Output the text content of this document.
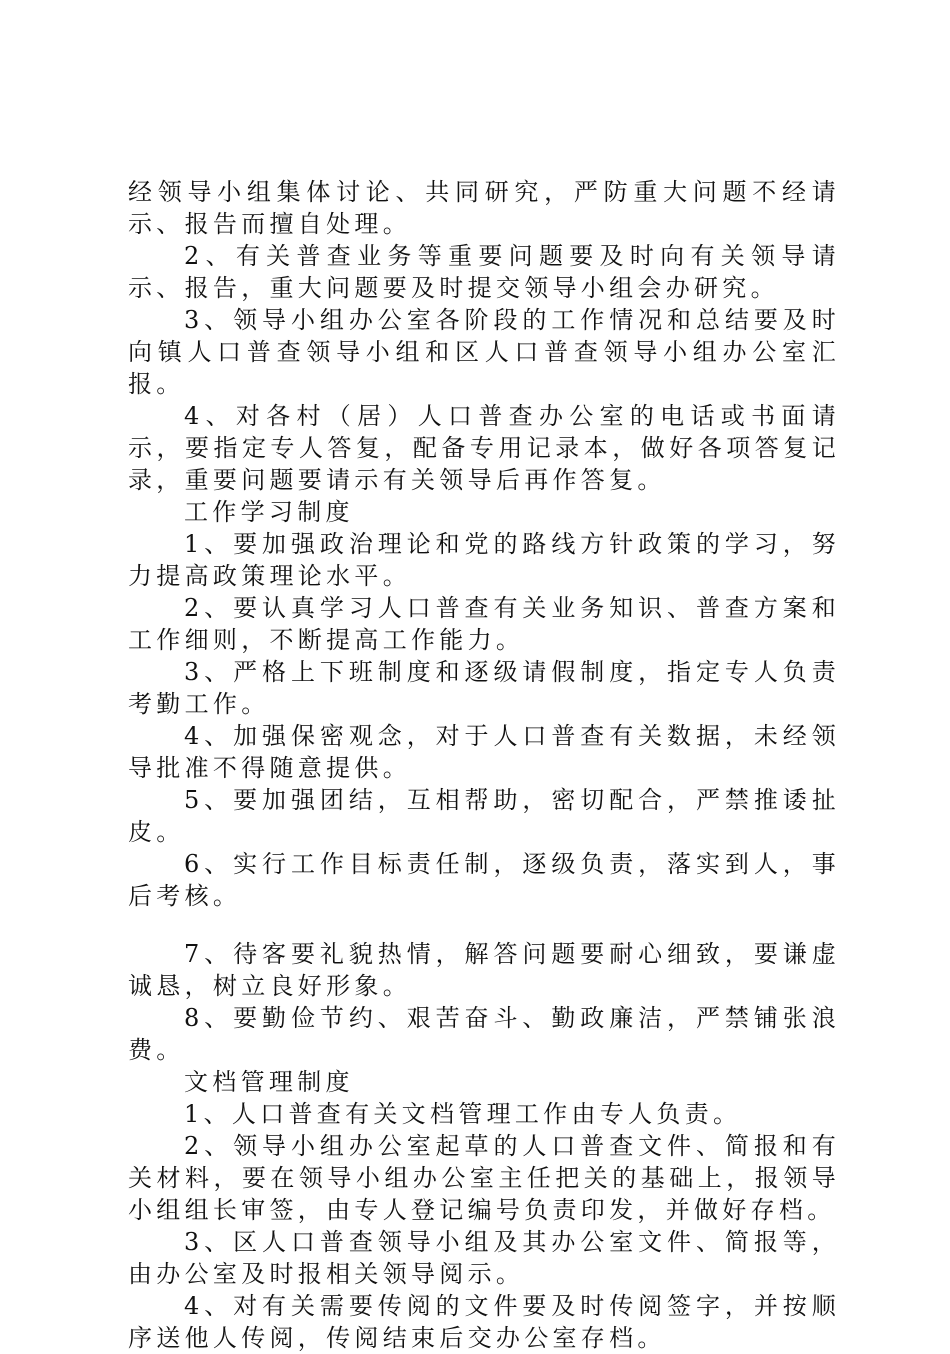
经领导小组集体讨论、共同研究，严防重大问题不经请示、报告而擅自处理。

2、有关普查业务等重要问题要及时向有关领导请示、报告，重大问题要及时提交领导小组会办研究。

3、领导小组办公室各阶段的工作情况和总结要及时向镇人口普查领导小组和区人口普查领导小组办公室汇报。

4、对各村（居）人口普查办公室的电话或书面请示，要指定专人答复，配备专用记录本，做好各项答复记录，重要问题要请示有关领导后再作答复。

工作学习制度

1、要加强政治理论和党的路线方针政策的学习，努力提高政策理论水平。

2、要认真学习人口普查有关业务知识、普查方案和工作细则，不断提高工作能力。

3、严格上下班制度和逐级请假制度，指定专人负责考勤工作。

4、加强保密观念，对于人口普查有关数据，未经领导批准不得随意提供。

5、要加强团结，互相帮助，密切配合，严禁推诿扯皮。

6、实行工作目标责任制，逐级负责，落实到人，事后考核。

7、待客要礼貌热情，解答问题要耐心细致，要谦虚诚恳，树立良好形象。

8、要勤俭节约、艰苦奋斗、勤政廉洁，严禁铺张浪费。

文档管理制度

1、人口普查有关文档管理工作由专人负责。

2、领导小组办公室起草的人口普查文件、简报和有关材料，要在领导小组办公室主任把关的基础上，报领导小组组长审签，由专人登记编号负责印发，并做好存档。

3、区人口普查领导小组及其办公室文件、简报等，由办公室及时报相关领导阅示。

4、对有关需要传阅的文件要及时传阅签字，并按顺序送他人传阅，传阅结束后交办公室存档。
